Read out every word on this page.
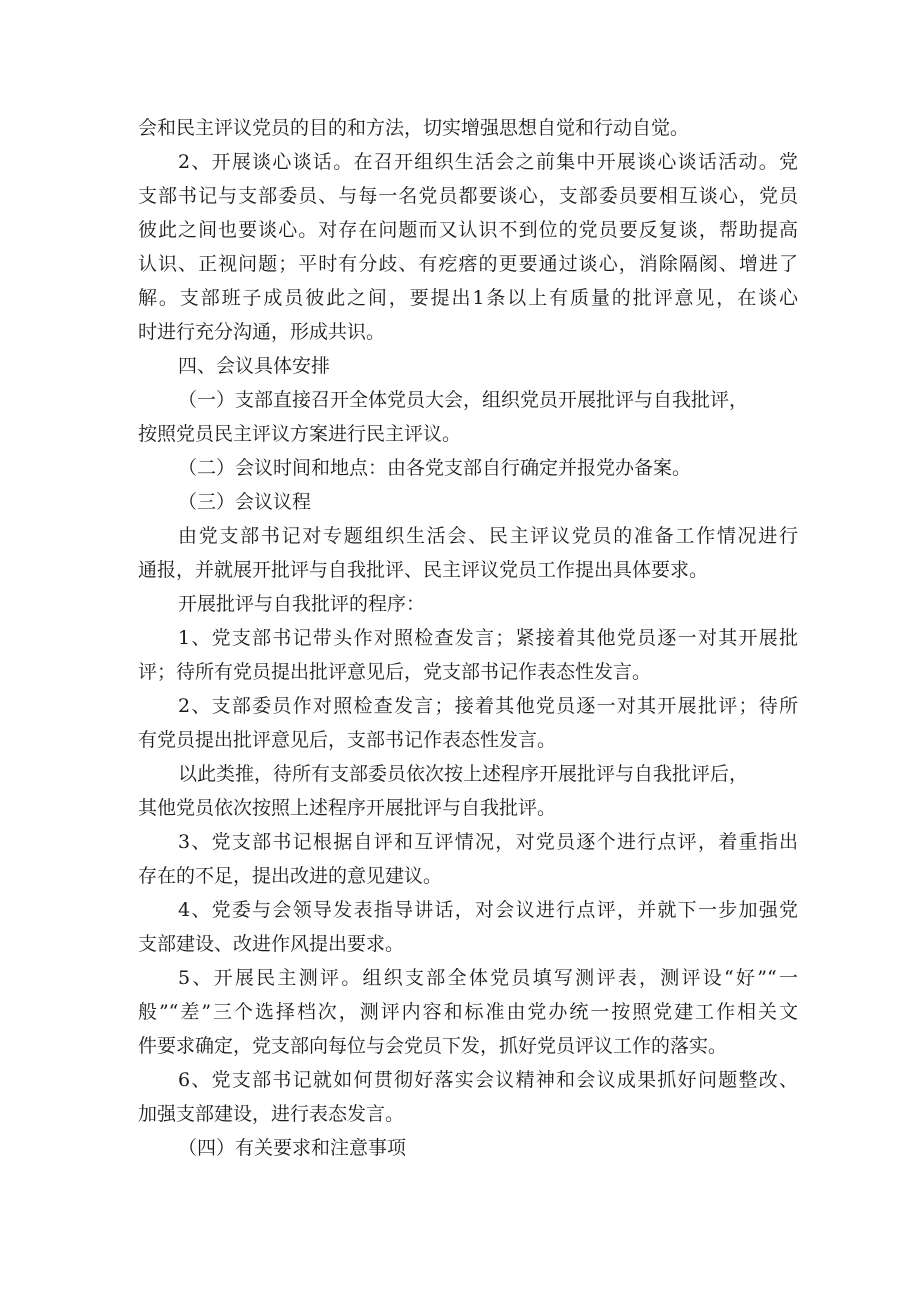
会和民主评议党员的目的和方法，切实增强思想自觉和行动自觉。
2、开展谈心谈话。在召开组织生活会之前集中开展谈心谈话活动。党
支部书记与支部委员、与每一名党员都要谈心，支部委员要相互谈心，党员
彼此之间也要谈心。对存在问题而又认识不到位的党员要反复谈，帮助提高
认识、正视问题；平时有分歧、有疙瘩的更要通过谈心，消除隔阂、增进了
解。支部班子成员彼此之间，要提出1条以上有质量的批评意见，在谈心
时进行充分沟通，形成共识。
四、会议具体安排
（一）支部直接召开全体党员大会，组织党员开展批评与自我批评，
按照党员民主评议方案进行民主评议。
（二）会议时间和地点：由各党支部自行确定并报党办备案。
（三）会议议程
由党支部书记对专题组织生活会、民主评议党员的准备工作情况进行
通报，并就展开批评与自我批评、民主评议党员工作提出具体要求。
开展批评与自我批评的程序：
1、党支部书记带头作对照检查发言；紧接着其他党员逐一对其开展批
评；待所有党员提出批评意见后，党支部书记作表态性发言。
2、支部委员作对照检查发言；接着其他党员逐一对其开展批评；待所
有党员提出批评意见后，支部书记作表态性发言。
以此类推，待所有支部委员依次按上述程序开展批评与自我批评后，
其他党员依次按照上述程序开展批评与自我批评。
3、党支部书记根据自评和互评情况，对党员逐个进行点评，着重指出
存在的不足，提出改进的意见建议。
4、党委与会领导发表指导讲话，对会议进行点评，并就下一步加强党
支部建设、改进作风提出要求。
5、开展民主测评。组织支部全体党员填写测评表，测评设“好”“一
般”“差”三个选择档次，测评内容和标准由党办统一按照党建工作相关文
件要求确定，党支部向每位与会党员下发，抓好党员评议工作的落实。
6、党支部书记就如何贯彻好落实会议精神和会议成果抓好问题整改、
加强支部建设，进行表态发言。
（四）有关要求和注意事项
